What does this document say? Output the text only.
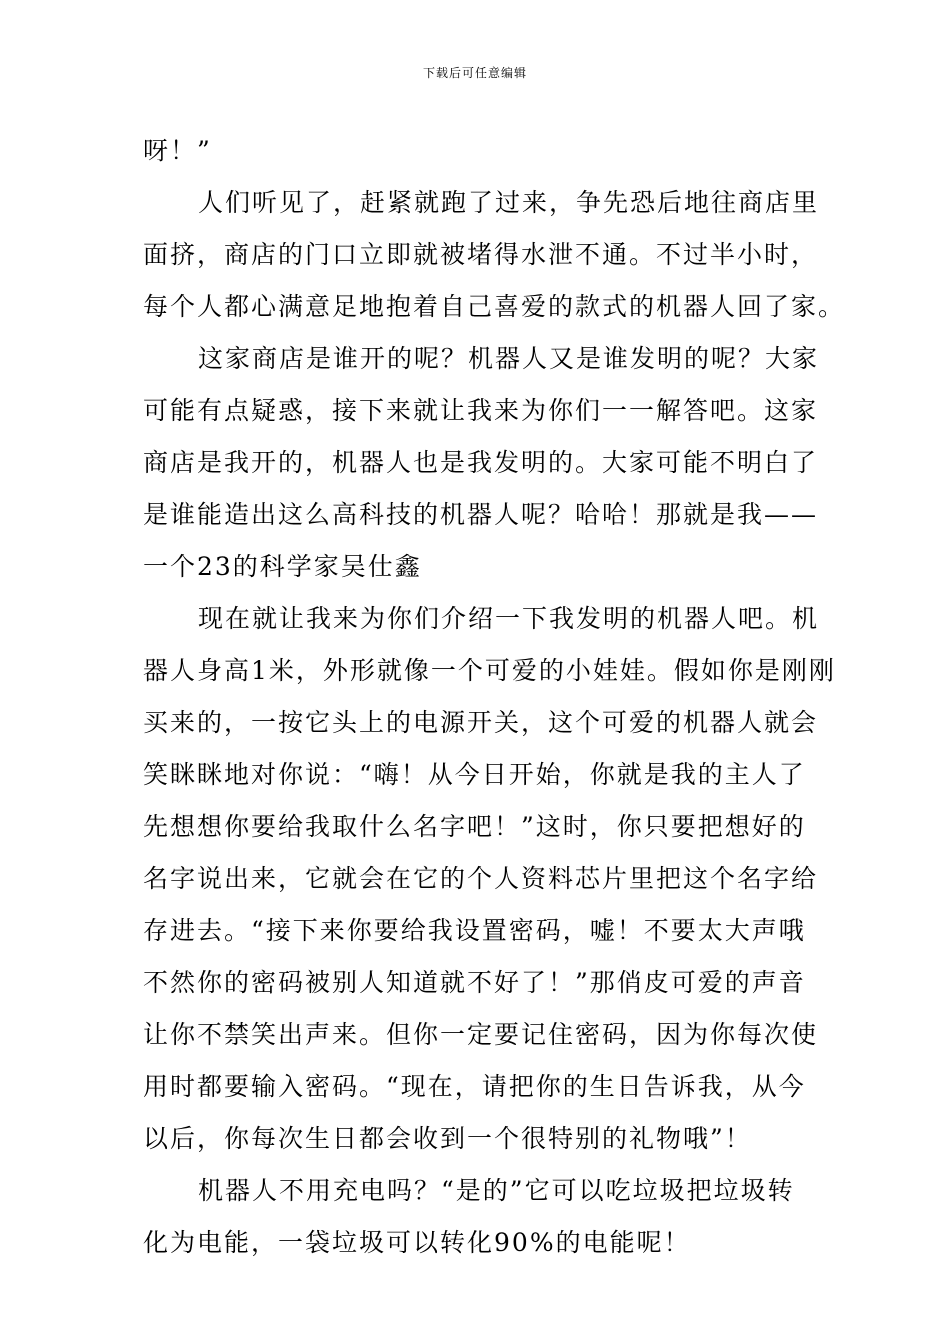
下载后可任意编辑
呀！”
人们听见了，赶紧就跑了过来，争先恐后地往商店里
面挤，商店的门口立即就被堵得水泄不通。不过半小时，
每个人都心满意足地抱着自己喜爱的款式的机器人回了家。
这家商店是谁开的呢？机器人又是谁发明的呢？大家
可能有点疑惑，接下来就让我来为你们一一解答吧。这家
商店是我开的，机器人也是我发明的。大家可能不明白了
是谁能造出这么高科技的机器人呢？哈哈！那就是我——
一个23的科学家吴仕鑫
现在就让我来为你们介绍一下我发明的机器人吧。机
器人身高1米，外形就像一个可爱的小娃娃。假如你是刚刚
买来的，一按它头上的电源开关，这个可爱的机器人就会
笑眯眯地对你说：“嗨！从今日开始，你就是我的主人了
先想想你要给我取什么名字吧！”这时，你只要把想好的
名字说出来，它就会在它的个人资料芯片里把这个名字给
存进去。“接下来你要给我设置密码，嘘！不要太大声哦
不然你的密码被别人知道就不好了！”那俏皮可爱的声音
让你不禁笑出声来。但你一定要记住密码，因为你每次使
用时都要输入密码。“现在，请把你的生日告诉我，从今
以后，你每次生日都会收到一个很特别的礼物哦”！
机器人不用充电吗？“是的”它可以吃垃圾把垃圾转
化为电能，一袋垃圾可以转化90%的电能呢！
